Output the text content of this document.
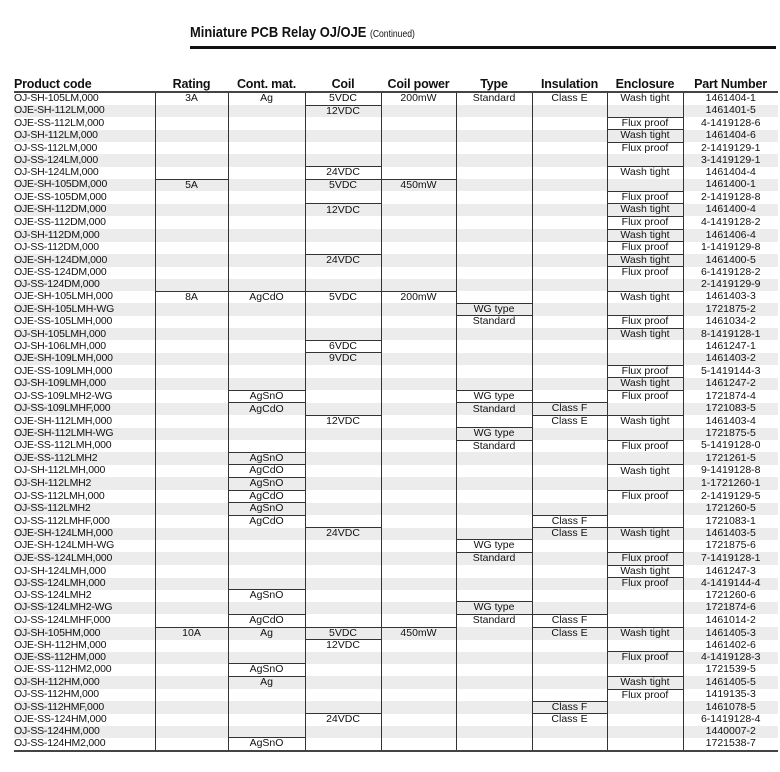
Miniature PCB Relay OJ/OJE (Continued)
Product code	Rating	Cont. mat.	Coil	Coil power	Type	Insulation	Enclosure	Part Number
OJ-SH-105LM,000	3A	Ag	5VDC	200mW	Standard	Class E	Wash tight	1461404-1
OJE-SH-112LM,000			12VDC					1461401-5
OJE-SS-112LM,000							Flux proof	4-1419128-6
OJ-SH-112LM,000							Wash tight	1461404-6
OJ-SS-112LM,000							Flux proof	2-1419129-1
OJ-SS-124LM,000								3-1419129-1
OJ-SH-124LM,000			24VDC				Wash tight	1461404-4
OJE-SH-105DM,000	5A		5VDC	450mW				1461400-1
OJE-SS-105DM,000							Flux proof	2-1419128-8
OJE-SH-112DM,000			12VDC				Wash tight	1461400-4
OJE-SS-112DM,000							Flux proof	4-1419128-2
OJ-SH-112DM,000							Wash tight	1461406-4
OJ-SS-112DM,000							Flux proof	1-1419129-8
OJE-SH-124DM,000			24VDC				Wash tight	1461400-5
OJE-SS-124DM,000							Flux proof	6-1419128-2
OJ-SS-124DM,000								2-1419129-9
OJE-SH-105LMH,000	8A	AgCdO	5VDC	200mW			Wash tight	1461403-3
OJE-SH-105LMH-WG					WG type			1721875-2
OJE-SS-105LMH,000					Standard		Flux proof	1461034-2
OJ-SH-105LMH,000							Wash tight	8-1419128-1
OJ-SH-106LMH,000			6VDC					1461247-1
OJE-SH-109LMH,000			9VDC					1461403-2
OJE-SS-109LMH,000							Flux proof	5-1419144-3
OJ-SH-109LMH,000							Wash tight	1461247-2
OJ-SS-109LMH2-WG		AgSnO			WG type		Flux proof	1721874-4
OJ-SS-109LMHF,000		AgCdO			Standard	Class F		1721083-5
OJE-SH-112LMH,000			12VDC			Class E	Wash tight	1461403-4
OJE-SH-112LMH-WG					WG type			1721875-5
OJE-SS-112LMH,000					Standard		Flux proof	5-1419128-0
OJE-SS-112LMH2		AgSnO						1721261-5
OJ-SH-112LMH,000		AgCdO					Wash tight	9-1419128-8
OJ-SH-112LMH2		AgSnO						1-1721260-1
OJ-SS-112LMH,000		AgCdO					Flux proof	2-1419129-5
OJ-SS-112LMH2		AgSnO						1721260-5
OJ-SS-112LMHF,000		AgCdO				Class F		1721083-1
OJE-SH-124LMH,000			24VDC			Class E	Wash tight	1461403-5
OJE-SH-124LMH-WG					WG type			1721875-6
OJE-SS-124LMH,000					Standard		Flux proof	7-1419128-1
OJ-SH-124LMH,000							Wash tight	1461247-3
OJ-SS-124LMH,000							Flux proof	4-1419144-4
OJ-SS-124LMH2		AgSnO						1721260-6
OJ-SS-124LMH2-WG					WG type			1721874-6
OJ-SS-124LMHF,000		AgCdO			Standard	Class F		1461014-2
OJ-SH-105HM,000	10A	Ag	5VDC	450mW		Class E	Wash tight	1461405-3
OJE-SH-112HM,000			12VDC					1461402-6
OJE-SS-112HM,000							Flux proof	4-1419128-3
OJE-SS-112HM2,000		AgSnO						1721539-5
OJ-SH-112HM,000		Ag					Wash tight	1461405-5
OJ-SS-112HM,000							Flux proof	1419135-3
OJ-SS-112HMF,000						Class F		1461078-5
OJE-SS-124HM,000			24VDC			Class E		6-1419128-4
OJ-SS-124HM,000								1440007-2
OJ-SS-124HM2,000		AgSnO						1721538-7
